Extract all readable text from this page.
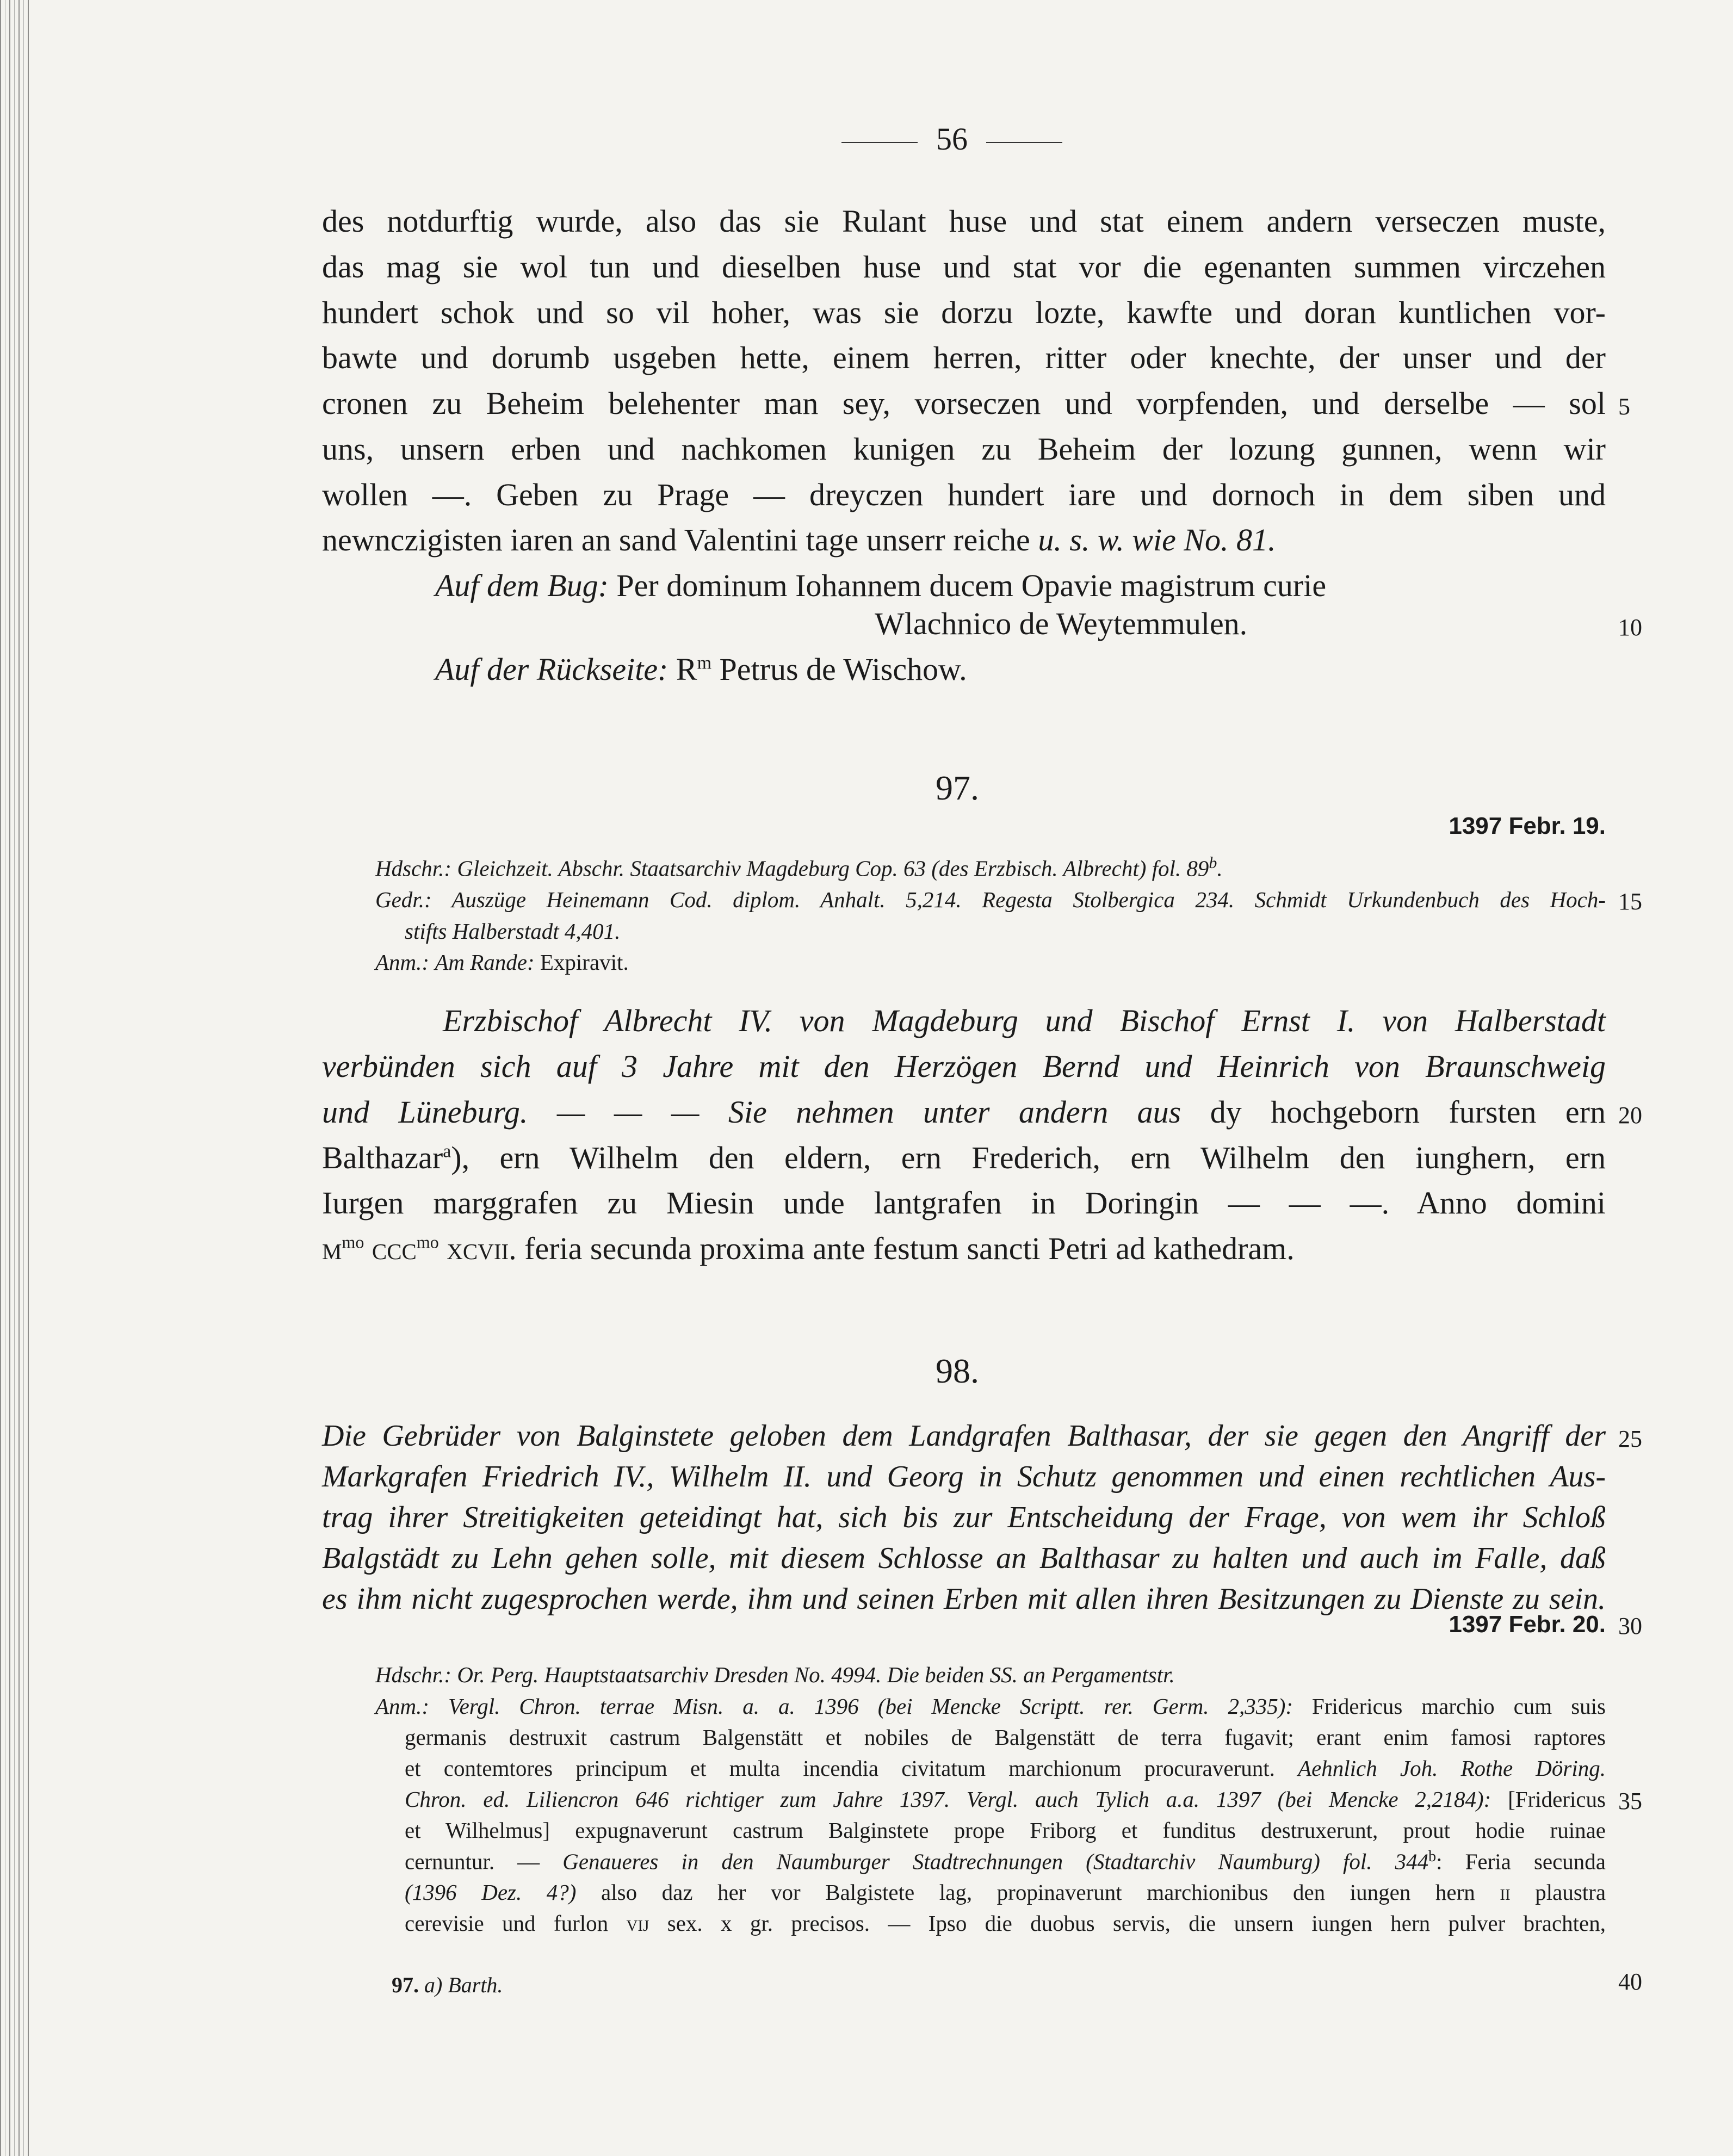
56
des notdurftig wurde, also das sie Rulant huse und stat einem andern verseczen muste,
das mag sie wol tun und dieselben huse und stat vor die egenanten summen virczehen
hundert schok und so vil hoher, was sie dorzu lozte, kawfte und doran kuntlichen vor-
bawte und dorumb usgeben hette, einem herren, ritter oder knechte, der unser und der
cronen zu Beheim belehenter man sey, vorseczen und vorpfenden, und derselbe — sol 5
uns, unsern erben und nachkomen kunigen zu Beheim der lozung gunnen, wenn wir
wollen —. Geben zu Prage — dreyczen hundert iare und dornoch in dem siben und
newnczigisten iaren an sand Valentini tage unserr reiche u. s. w. wie No. 81.
Auf dem Bug: Per dominum Iohannem ducem Opavie magistrum curie
Wlachnico de Weytemmulen.	10
Auf der Rückseite: $R^m$ Petrus de Wischow.
97.
1397 Febr. 19.
Hdschr.: Gleichzeit. Abschr. Staatsarchiv Magdeburg Cop. 63 (des Erzbisch. Albrecht) fol. 89$^b$.
Gedr.: Auszüge Heinemann Cod. diplom. Anhalt. 5,214. Regesta Stolbergica 234. Schmidt Urkundenbuch des Hoch- 15
stifts Halberstadt 4,401.
Anm.: Am Rande: Expiravit.
Erzbischof Albrecht IV. von Magdeburg und Bischof Ernst I. von Halberstadt
verbünden sich auf 3 Jahre mit den Herzögen Bernd und Heinrich von Braunschweig
und Lüneburg. — — — Sie nehmen unter andern aus dy hochgeborn fursten ern 20
Balthazar$^a$), ern Wilhelm den eldern, ern Frederich, ern Wilhelm den iunghern, ern
Iurgen marggrafen zu Miesin unde lantgrafen in Doringin — — —. Anno domini
$m^{mo}$ ccc$^{mo}$ xcvii. feria secunda proxima ante festum sancti Petri ad kathedram.
98.
Die Gebrüder von Balginstete geloben dem Landgrafen Balthasar, der sie gegen den Angriff der 25
Markgrafen Friedrich IV., Wilhelm II. und Georg in Schutz genommen und einen rechtlichen Aus-
trag ihrer Streitigkeiten geteidingt hat, sich bis zur Entscheidung der Frage, von wem ihr Schloß
Balgstädt zu Lehn gehen solle, mit diesem Schlosse an Balthasar zu halten und auch im Falle, daß
es ihm nicht zugesprochen werde, ihm und seinen Erben mit allen ihren Besitzungen zu Dienste zu sein.
1397 Febr. 20. 30
Hdschr.: Or. Perg. Hauptstaatsarchiv Dresden No. 4994. Die beiden SS. an Pergamentstr.
Anm.: Vergl. Chron. terrae Misn. a. a. 1396 (bei Mencke Scriptt. rer. Germ. 2,335): Fridericus marchio cum suis
germanis destruxit castrum Balgenstätt et nobiles de Balgenstätt de terra fugavit; erant enim famosi raptores
et contemtores principum et multa incendia civitatum marchionum procuraverunt. Aehnlich Joh. Rothe Döring.
Chron. ed. Liliencron 646 richtiger zum Jahre 1397. Vergl. auch Tylich a.a. 1397 (bei Mencke 2,2184): [Fridericus 35
et Wilhelmus] expugnaverunt castrum Balginstete prope Friborg et funditus destruxerunt, prout hodie ruinae
cernuntur. — Genaueres in den Naumburger Stadtrechnungen (Stadtarchiv Naumburg) fol. 344$^b$: Feria secunda
(1396 Dez. 4?) also daz her vor Balgistete lag, propinaverunt marchionibus den iungen hern ii plaustra
cerevisie und furlon vij sex. x gr. precisos. — Ipso die duobus servis, die unsern iungen hern pulver brachten,
97. a) Barth.	40
